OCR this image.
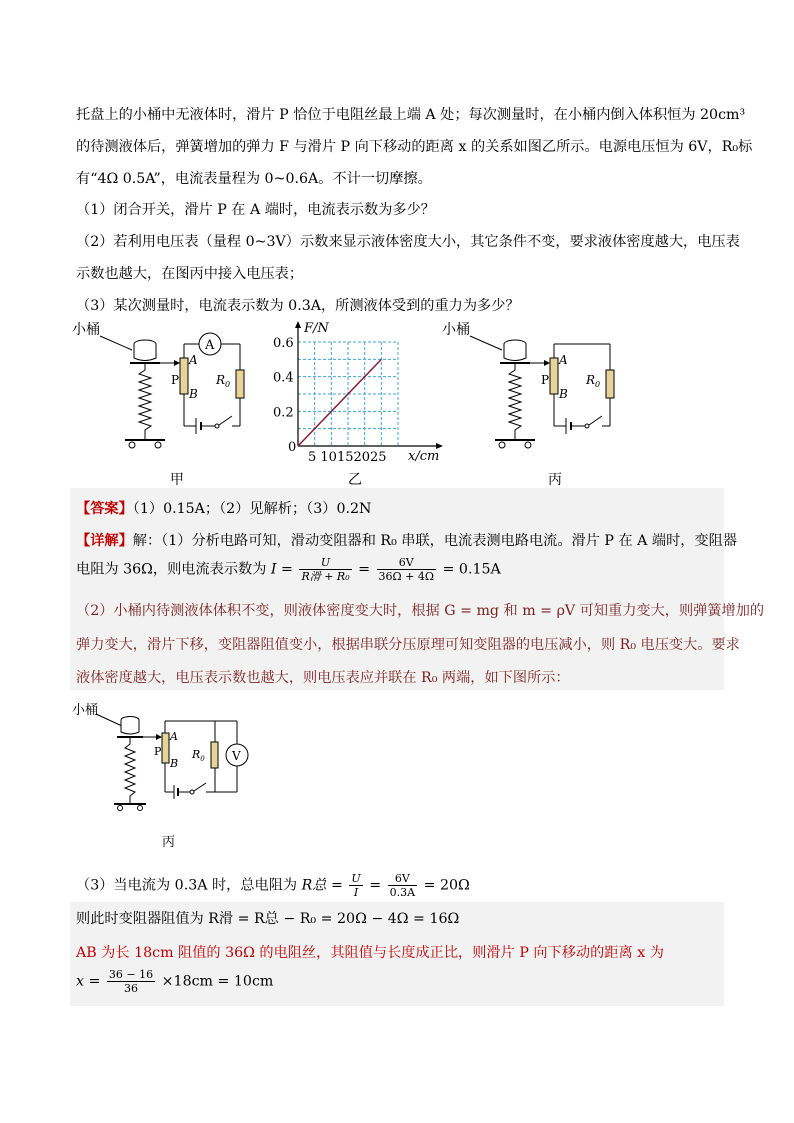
托盘上的小桶中无液体时，滑片 P 恰位于电阻丝最上端 A 处；每次测量时，在小桶内倒入体积恒为 20cm³
的待测液体后，弹簧增加的弹力 F 与滑片 P 向下移动的距离 x 的关系如图乙所示。电源电压恒为 6V，R₀标
有“4Ω 0.5A”，电流表量程为 0~0.6A。不计一切摩擦。
（1）闭合开关，滑片 P 在 A 端时，电流表示数为多少？
（2）若利用电压表（量程 0~3V）示数来显示液体密度大小，其它条件不变，要求液体密度越大，电压表
示数也越大，在图丙中接入电压表；
（3）某次测量时，电流表示数为 0.3A，所测液体受到的重力为多少？
小桶
P
A
B
A
$R_0$
甲
F/N
x/cm
0.6
0.4
0.2
0
5 10152025
乙
小桶
P
A
B
$R_0$
丙
【答案】（1）0.15A；（2）见解析；（3）0.2N
【详解】解：（1）分析电路可知，滑动变阻器和 R₀ 串联，电流表测电路电流。滑片 P 在 A 端时，变阻器
电阻为 36Ω，则电流表示数为 $I = \frac{U}{\text{R滑 + R₀}} = \frac{6V}{36\Omega + 4\Omega} = 0.15A$
（2）小桶内待测液体体积不变，则液体密度变大时，根据 G = mg 和 m = ρV 可知重力变大，则弹簧增加的
弹力变大，滑片下移，变阻器阻值变小，根据串联分压原理可知变阻器的电压减小，则 R₀ 电压变大。要求
液体密度越大，电压表示数也越大，则电压表应并联在 R₀ 两端，如下图所示：
小桶
P
A
B
$R_0$ V
丙
（3）当电流为 0.3A 时，总电阻为 R总 = $\frac{U}{I} = \frac{6V}{0.3A} = 20\Omega$
则此时变阻器阻值为 R滑 = R总 − R₀ = 20Ω − 4Ω = 16Ω
AB 为长 18cm 阻值的 36Ω 的电阻丝，其阻值与长度成正比，则滑片 P 向下移动的距离 x 为
$x = \frac{36 - 16}{36} \times 18cm = 10cm$
